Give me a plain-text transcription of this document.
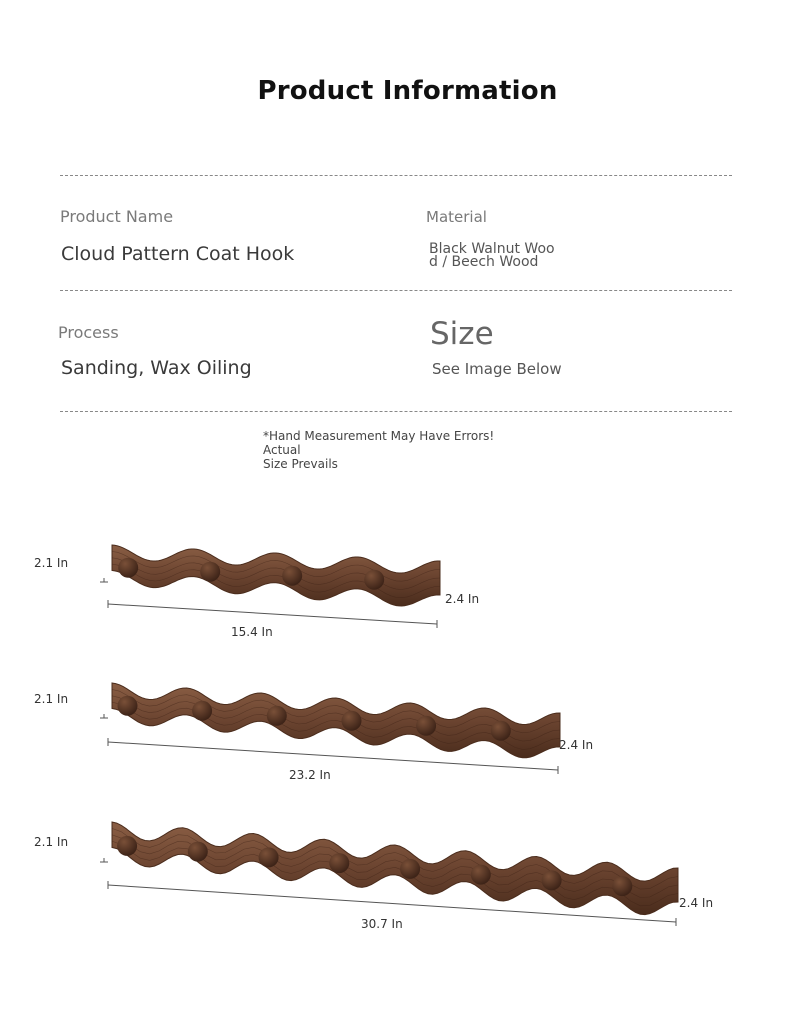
Product Information
Product Name
Cloud Pattern Coat Hook
Material
Black Walnut Woo
d / Beech Wood
Process
Sanding, Wax Oiling
Size
See Image Below
*Hand Measurement May Have Errors! Actual
Size Prevails
2.1 In
2.4 In
15.4 In
2.1 In
2.4 In
23.2 In
2.1 In
2.4 In
30.7 In
